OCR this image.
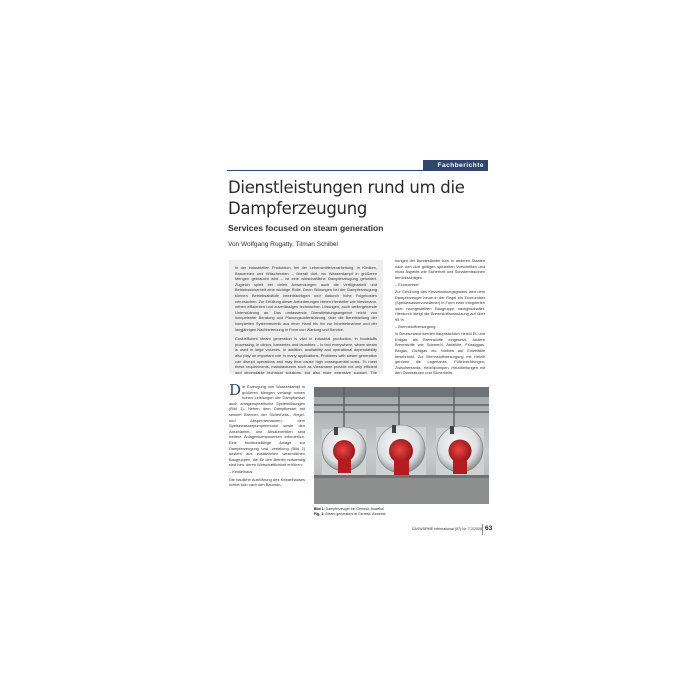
Fachberichte
Dienstleistungen rund um die Dampferzeugung
Services focused on steam generation

Von Wolfgang Rogatty, Tilman Schibel

In der industriellen Produktion, bei der Lebensmittelverarbeitung, in Kliniken, Brauereien und Wäschereien – überall dort, wo Wasserdampf in größeren Mengen gebraucht wird – ist eine wirtschaftliche Dampferzeugung gefordert. Zugleich spielt bei vielen Anwendungen auch die Verfügbarkeit und Betriebssicherheit eine wichtige Rolle. Denn Störungen bei der Dampferzeugung können Betriebsabläufe beeinträchtigen und dadurch hohe Folgekosten verursachen. Zur Erfüllung dieser Anforderungen bieten Hersteller wie Viessmann, neben effizienten und zuverlässigen technischen Lösungen, auch weitergehende Unterstützung an. Das umfassende Dienstleistungsangebot reicht von kompetenter Beratung und Planungsunterstützung, über die Bereitstellung der kompletten Systemtechnik aus einer Hand bis hin zur Inbetriebnahme und der langjährigen Nachbetreuung in Form von Wartung und Service.

Cost-efficient steam generation is vital in industrial production, in foodstuffs processing, in clinics, breweries and laundries – in fact everywhere, where steam is used in large volumes. In addition, availability and operational dependability also play an important role in many applications. Problems with steam generation can disrupt operations and may thus cause high consequential costs. To meet these requirements, manufacturers such as Viessmann provide not only efficient and dependable technical solutions, but also more extensive support. The

hungen der Bundesländer bzw. in anderen Staaten nach den dort gültigen speziellen Vorschriften und muss Aspekte wie Sicherheit und Schallemissionen berücksichtigen.

– Economiser

Zur Erhöhung des Kesselwirkungsgrades wird dem Dampferzeuger heute in der Regel ein Economiser (Speisewasservorwärmer) in Form einer integrierten oder nachgestellten Baugruppe nachgeschaltet. Hierdurch steigt die Brennstoffausnutzung auf über 95 %.

– Brennstoffversorgung

In Deutschland werden hauptsächlich Heizöl EL und Erdgas als Brennstoffe eingesetzt. Andere Brennstoffe wie Schweröl, Abfallöle, Flüssiggas, Biogas, Gichtgas etc. bleiben auf Einzelfälle beschränkt. Zur Brennstoffversorgung mit Heizöl gehören die Lagertanks, Fülleinrichtungen, Zwischentanks, Heizölpumpen, Heizölleitungen mit den Ölarmaturen und Sicherheits-

Die Erzeugung von Wasserdampf in größeren Mengen verlangt neben hohen Leistungen der Dampfkessel auch anlagenspezifische Systemlösungen (Bild 1). Neben dem Dampfkessel mit seinem Brenner, der Sicherheits-, Regel- und Absperrarmaturen, dem Speisewasserpumpenmodul sowie den Abschlamm- und Absalzventilen sind weitere Anlagenkomponenten erforderlich. Eine funktionsfähige Anlage zur Dampferzeugung und -verteilung (Bild 2) besteht aus zusätzlichen wesentlichen Baugruppen, die für den Betrieb notwendig sind bzw. deren Wirtschaftlichkeit erhöhen:

– Kesselhaus

Die bauliche Ausführung des Kesselhauses richtet sich nach den Bauordn-

Bild 1: Dampferzeuger bei Gerresit, Aswebal

Fig. 1: Steam generators at Gerresit, Aswebal

GASWÄRME International (57) Nr. 7-2/2008 63
